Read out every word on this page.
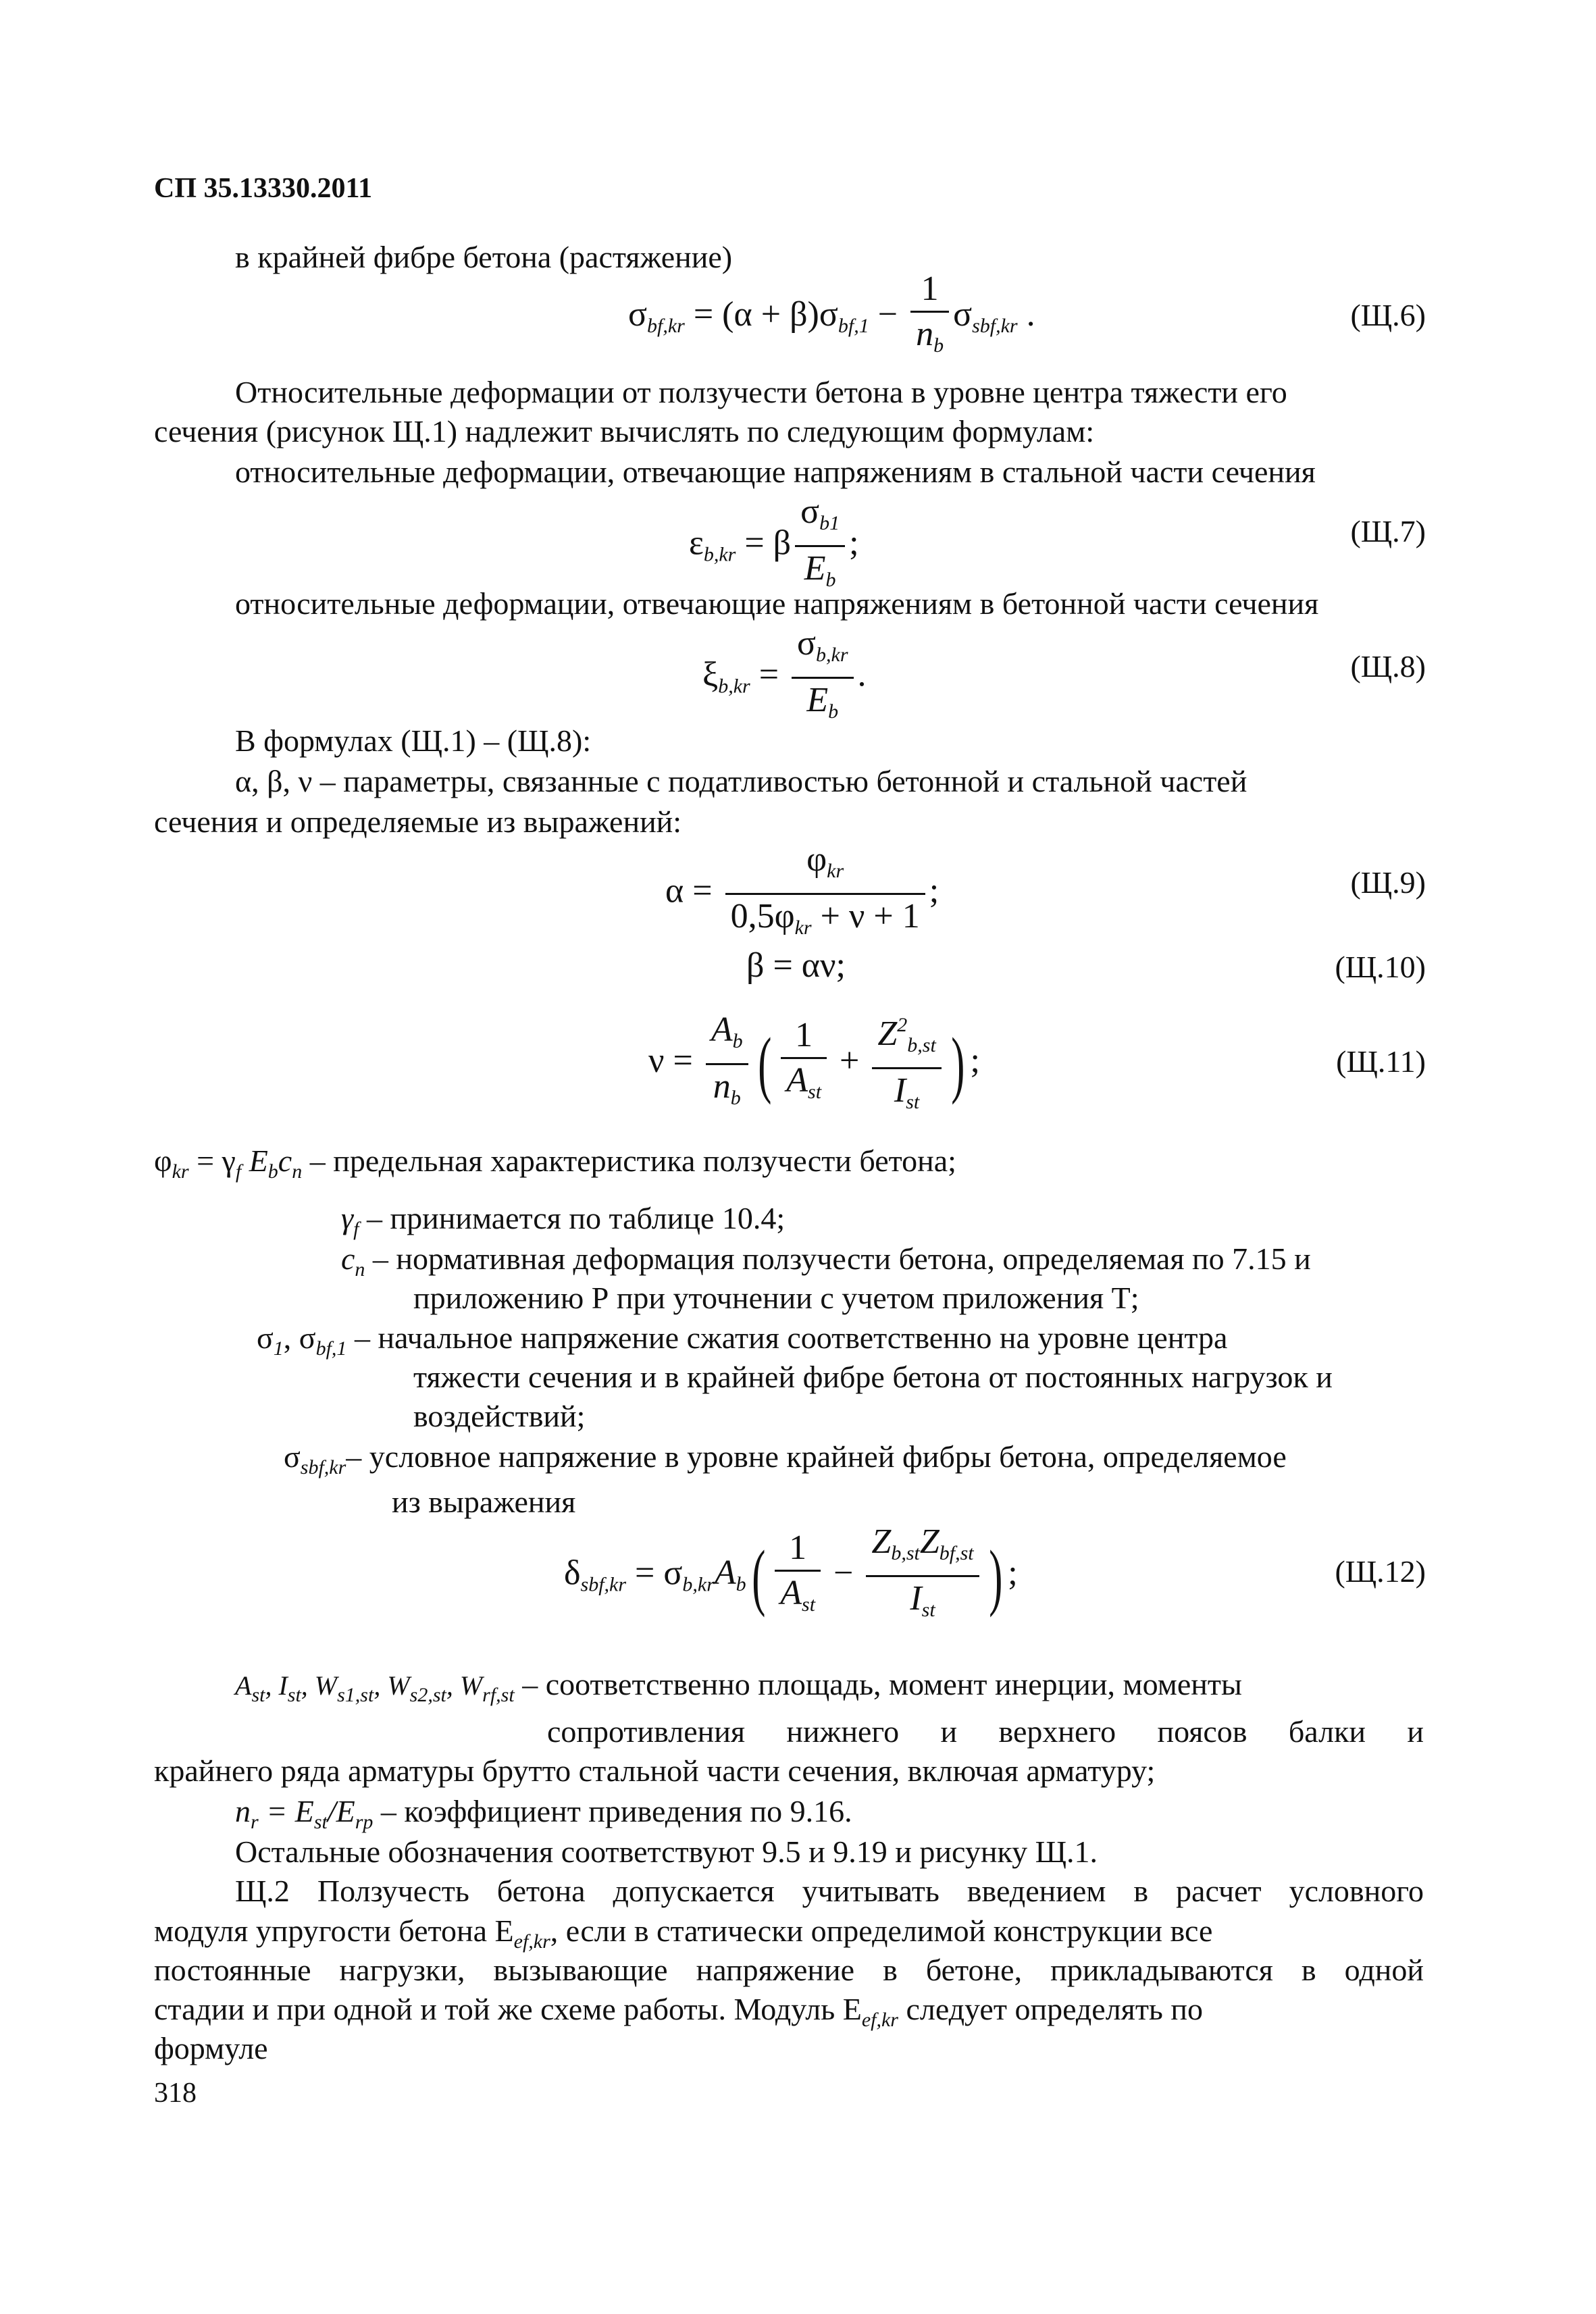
СП 35.13330.2011
в крайней фибре бетона (растяжение)
$\sigma_{bf,kr} = (\alpha + \beta)\sigma_{bf,1} - \frac{1}{n_b} \sigma_{sbf,kr}$ .	(Щ.6)
Относительные деформации от ползучести бетона в уровне центра тяжести его
сечения (рисунок Щ.1) надлежит вычислять по следующим формулам:
относительные деформации, отвечающие напряжениям в стальной части сечения
$\varepsilon_{b,kr} = \beta \frac{\sigma_{b1}}{E_b}$ ;	(Щ.7)
относительные деформации, отвечающие напряжениям в бетонной части сечения
$\xi_{b,kr} = \frac{\sigma_{b,kr}}{E_b}$ .	(Щ.8)
В формулах (Щ.1) – (Щ.8):
α, β, ν – параметры, связанные с податливостью бетонной и стальной частей
сечения и определяемые из выражений:
$\alpha = \frac{\varphi_{kr}}{0,5\varphi_{kr} + \nu + 1}$ ;	(Щ.9)
β = αν;	(Щ.10)
$\nu = \frac{A_b}{n_b}$ ( $\frac{1}{A_{st}} + \frac{Z^2_{b,st}}{I_{st}}$ ) ;	(Щ.11)
$\varphi_{kr} = \gamma_f$ $E_bc_n$ – предельная характеристика ползучести бетона;
$\gamma_f$ – принимается по таблице 10.4;
$c_n$ – нормативная деформация ползучести бетона, определяемая по 7.15 и
приложению Р при уточнении с учетом приложения Т;
$\sigma_1$, $\sigma_{bf,1}$ – начальное напряжение сжатия соответственно на уровне центра
тяжести сечения и в крайней фибре бетона от постоянных нагрузок и
воздействий;
$\sigma_{sbf,kr}-$ условное напряжение в уровне крайней фибры бетона, определяемое
из выражения
$\delta_{sbf,kr} = \sigma_{b,kr}A_b( \frac{1}{A_{st}} - \frac{Z_{b,st}Z_{bf,st}}{I_{st}}$ ) ;	(Щ.12)
$A_{st}$, $I_{st}$, $W_{s1,st}$, $W_{s2,st}$, $W_{rf,st}$ – соответственно площадь, момент инерции, моменты
сопротивления нижнего и верхнего поясов балки и
крайнего ряда арматуры брутто стальной части сечения, включая арматуру;
$n_r = E_{st}/E_{rp}$ – коэффициент приведения по 9.16.
Остальные обозначения соответствуют 9.5 и 9.19 и рисунку Щ.1.
Щ.2 Ползучесть бетона допускается учитывать введением в расчет условного
модуля упругости бетона $E_{ef,kr}$, если в статически определимой конструкции все
постоянные нагрузки, вызывающие напряжение в бетоне, прикладываются в одной
стадии и при одной и той же схеме работы. Модуль $E_{ef,kr}$ следует определять по
формуле
318
